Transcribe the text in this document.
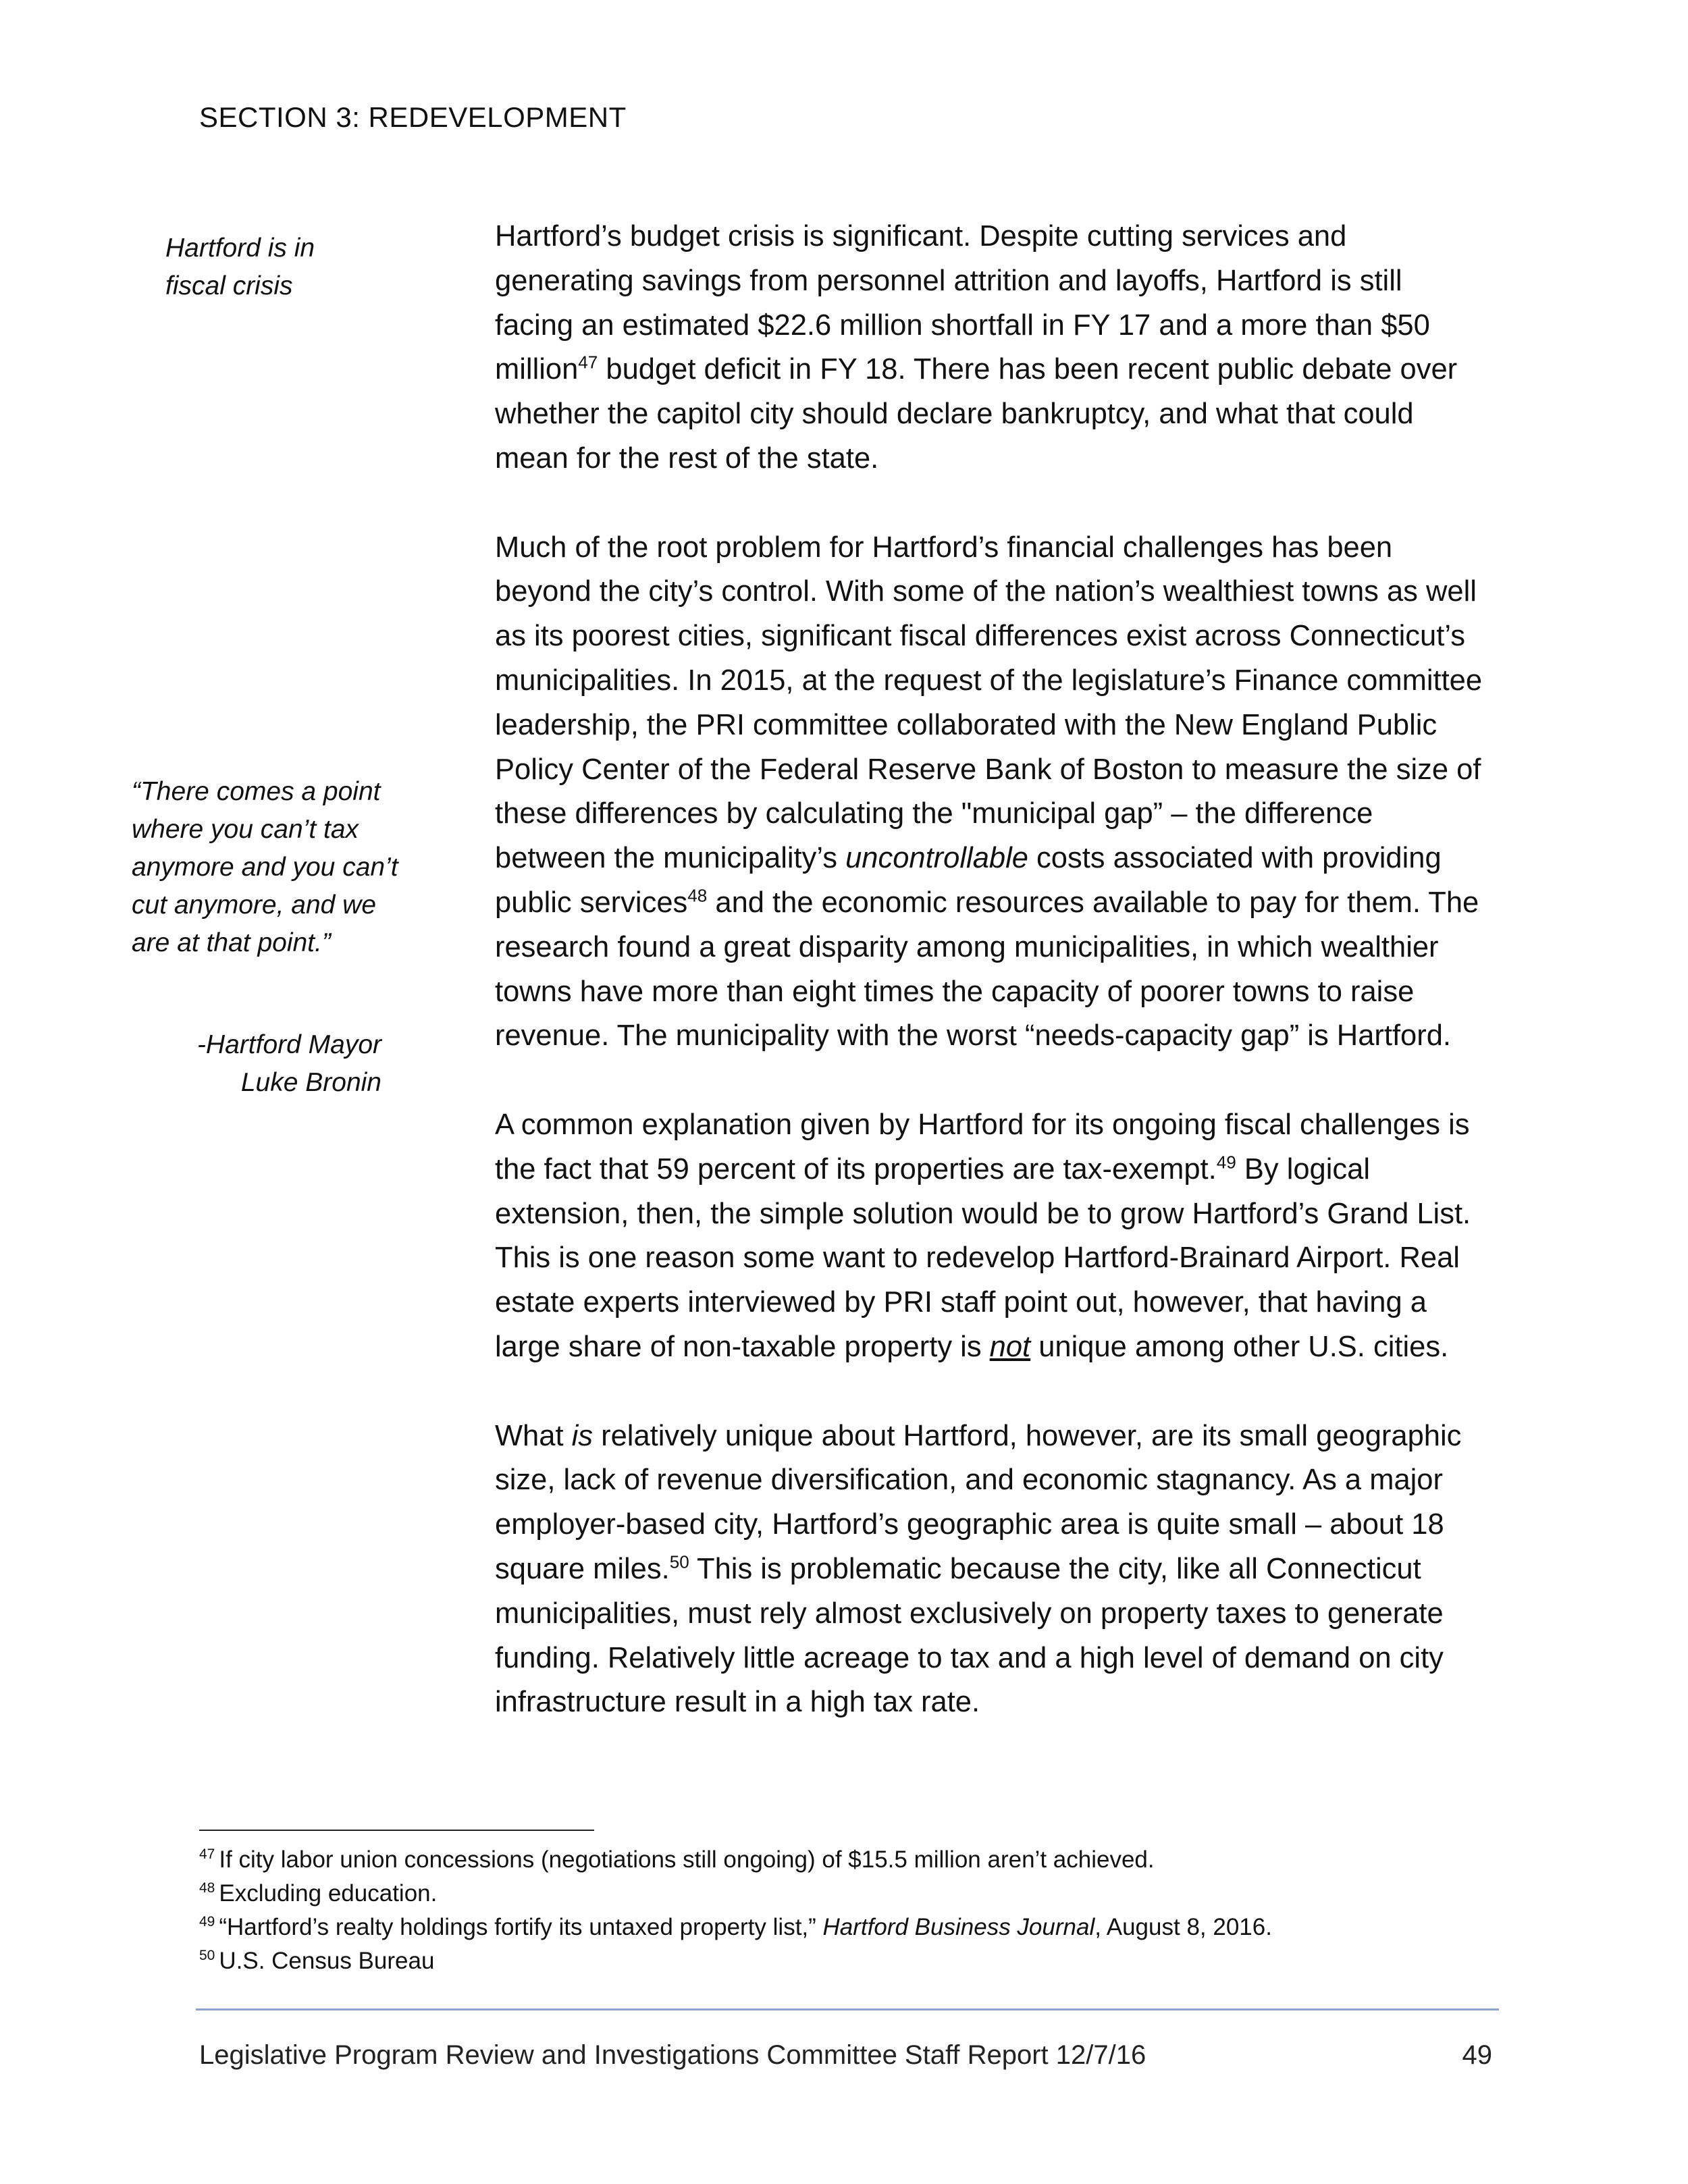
SECTION 3: REDEVELOPMENT
Hartford is in
fiscal crisis
“There comes a point where you can’t tax anymore and you can’t cut anymore, and we are at that point.”
-Hartford Mayor
Luke Bronin

Hartford’s budget crisis is significant. Despite cutting services and generating savings from personnel attrition and layoffs, Hartford is still facing an estimated $22.6 million shortfall in FY 17 and a more than $50 million$^{47}$ budget deficit in FY 18. There has been recent public debate over whether the capitol city should declare bankruptcy, and what that could mean for the rest of the state.

Much of the root problem for Hartford’s financial challenges has been beyond the city’s control. With some of the nation’s wealthiest towns as well as its poorest cities, significant fiscal differences exist across Connecticut’s municipalities. In 2015, at the request of the legislature’s Finance committee leadership, the PRI committee collaborated with the New England Public Policy Center of the Federal Reserve Bank of Boston to measure the size of these differences by calculating the "municipal gap” – the difference between the municipality’s uncontrollable costs associated with providing public services$^{48}$ and the economic resources available to pay for them. The research found a great disparity among municipalities, in which wealthier towns have more than eight times the capacity of poorer towns to raise revenue. The municipality with the worst “needs-capacity gap” is Hartford.

A common explanation given by Hartford for its ongoing fiscal challenges is the fact that 59 percent of its properties are tax-exempt.$^{49}$ By logical extension, then, the simple solution would be to grow Hartford’s Grand List. This is one reason some want to redevelop Hartford-Brainard Airport. Real estate experts interviewed by PRI staff point out, however, that having a large share of non-taxable property is not unique among other U.S. cities.

What is relatively unique about Hartford, however, are its small geographic size, lack of revenue diversification, and economic stagnancy. As a major employer-based city, Hartford’s geographic area is quite small – about 18 square miles.$^{50}$ This is problematic because the city, like all Connecticut municipalities, must rely almost exclusively on property taxes to generate funding. Relatively little acreage to tax and a high level of demand on city infrastructure result in a high tax rate.

$^{47}$ If city labor union concessions (negotiations still ongoing) of $15.5 million aren’t achieved.

$^{48}$ Excluding education.

$^{49}$ “Hartford’s realty holdings fortify its untaxed property list,” Hartford Business Journal, August 8, 2016.

$^{50}$ U.S. Census Bureau

Legislative Program Review and Investigations Committee Staff Report 12/7/16	49
